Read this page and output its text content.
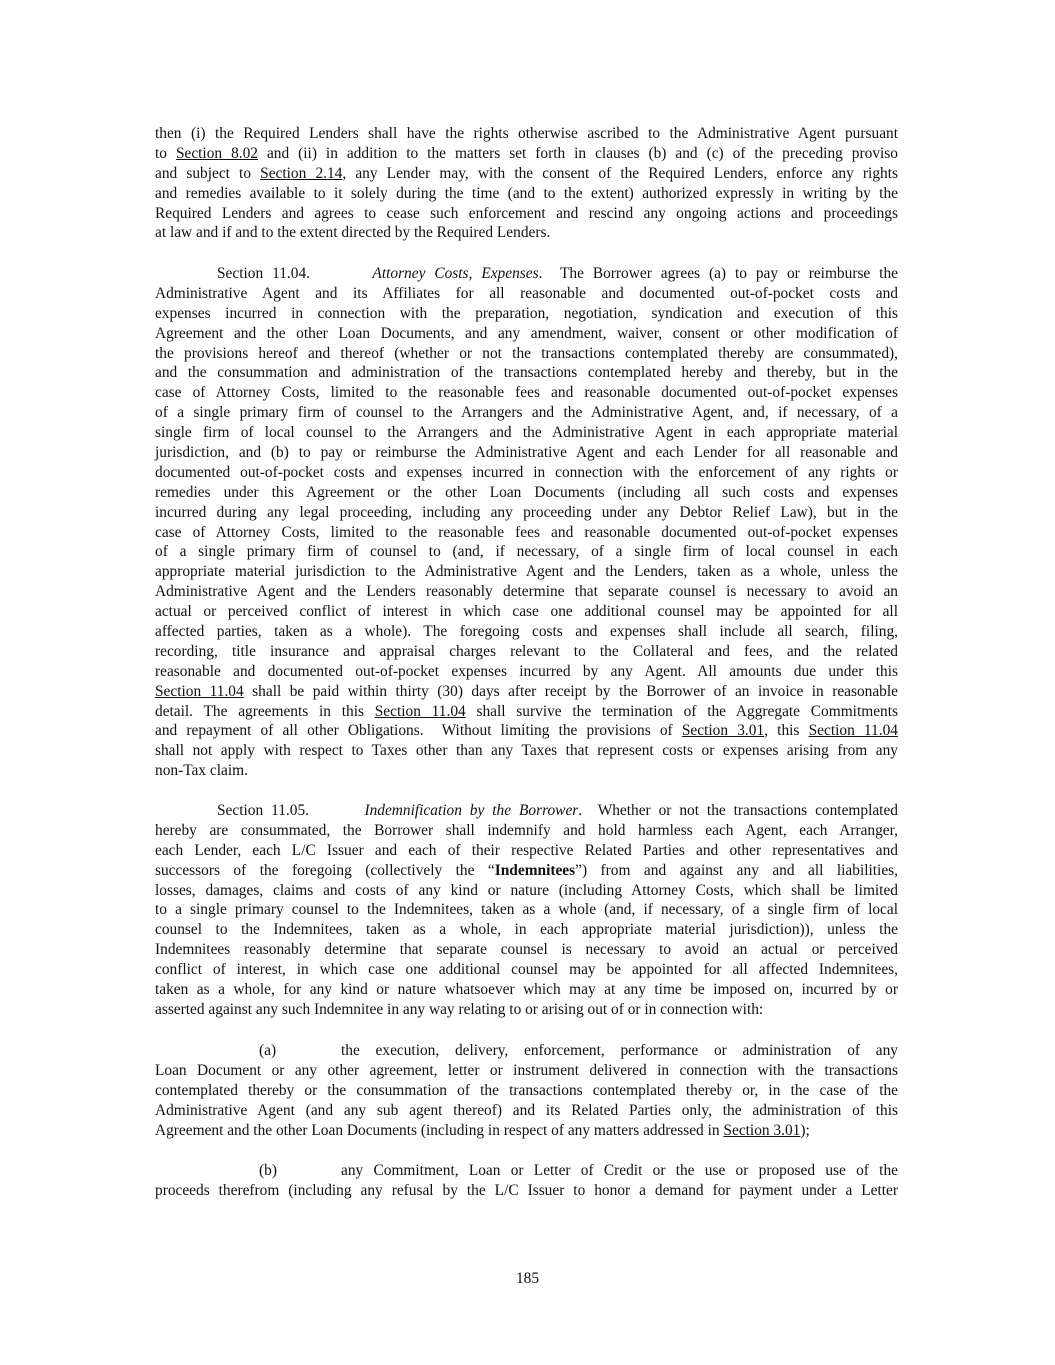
then (i) the Required Lenders shall have the rights otherwise ascribed to the Administrative Agent pursuant
to Section 8.02 and (ii) in addition to the matters set forth in clauses (b) and (c) of the preceding proviso
and subject to Section 2.14, any Lender may, with the consent of the Required Lenders, enforce any rights
and remedies available to it solely during the time (and to the extent) authorized expressly in writing by the
Required Lenders and agrees to cease such enforcement and rescind any ongoing actions and proceedings
at law and if and to the extent directed by the Required Lenders.
Section 11.04.       Attorney Costs, Expenses.  The Borrower agrees (a) to pay or reimburse the
Administrative Agent and its Affiliates for all reasonable and documented out-of-pocket costs and
expenses incurred in connection with the preparation, negotiation, syndication and execution of this
Agreement and the other Loan Documents, and any amendment, waiver, consent or other modification of
the provisions hereof and thereof (whether or not the transactions contemplated thereby are consummated),
and the consummation and administration of the transactions contemplated hereby and thereby, but in the
case of Attorney Costs, limited to the reasonable fees and reasonable documented out-of-pocket expenses
of a single primary firm of counsel to the Arrangers and the Administrative Agent, and, if necessary, of a
single firm of local counsel to the Arrangers and the Administrative Agent in each appropriate material
jurisdiction, and (b) to pay or reimburse the Administrative Agent and each Lender for all reasonable and
documented out-of-pocket costs and expenses incurred in connection with the enforcement of any rights or
remedies under this Agreement or the other Loan Documents (including all such costs and expenses
incurred during any legal proceeding, including any proceeding under any Debtor Relief Law), but in the
case of Attorney Costs, limited to the reasonable fees and reasonable documented out-of-pocket expenses
of a single primary firm of counsel to (and, if necessary, of a single firm of local counsel in each
appropriate material jurisdiction to the Administrative Agent and the Lenders, taken as a whole, unless the
Administrative Agent and the Lenders reasonably determine that separate counsel is necessary to avoid an
actual or perceived conflict of interest in which case one additional counsel may be appointed for all
affected parties, taken as a whole). The foregoing costs and expenses shall include all search, filing,
recording, title insurance and appraisal charges relevant to the Collateral and fees, and the related
reasonable and documented out-of-pocket expenses incurred by any Agent. All amounts due under this
Section 11.04 shall be paid within thirty (30) days after receipt by the Borrower of an invoice in reasonable
detail. The agreements in this Section 11.04 shall survive the termination of the Aggregate Commitments
and repayment of all other Obligations.  Without limiting the provisions of Section 3.01, this Section 11.04
shall not apply with respect to Taxes other than any Taxes that represent costs or expenses arising from any
non-Tax claim.
Section 11.05.       Indemnification by the Borrower.  Whether or not the transactions contemplated
hereby are consummated, the Borrower shall indemnify and hold harmless each Agent, each Arranger,
each Lender, each L/C Issuer and each of their respective Related Parties and other representatives and
successors of the foregoing (collectively the “Indemnitees”) from and against any and all liabilities,
losses, damages, claims and costs of any kind or nature (including Attorney Costs, which shall be limited
to a single primary counsel to the Indemnitees, taken as a whole (and, if necessary, of a single firm of local
counsel to the Indemnitees, taken as a whole, in each appropriate material jurisdiction)), unless the
Indemnitees reasonably determine that separate counsel is necessary to avoid an actual or perceived
conflict of interest, in which case one additional counsel may be appointed for all affected Indemnitees,
taken as a whole, for any kind or nature whatsoever which may at any time be imposed on, incurred by or
asserted against any such Indemnitee in any way relating to or arising out of or in connection with:
(a)	the execution, delivery, enforcement, performance or administration of any
Loan Document or any other agreement, letter or instrument delivered in connection with the transactions
contemplated thereby or the consummation of the transactions contemplated thereby or, in the case of the
Administrative Agent (and any sub agent thereof) and its Related Parties only, the administration of this
Agreement and the other Loan Documents (including in respect of any matters addressed in Section 3.01);
(b)	any Commitment, Loan or Letter of Credit or the use or proposed use of the
proceeds therefrom (including any refusal by the L/C Issuer to honor a demand for payment under a Letter
185
